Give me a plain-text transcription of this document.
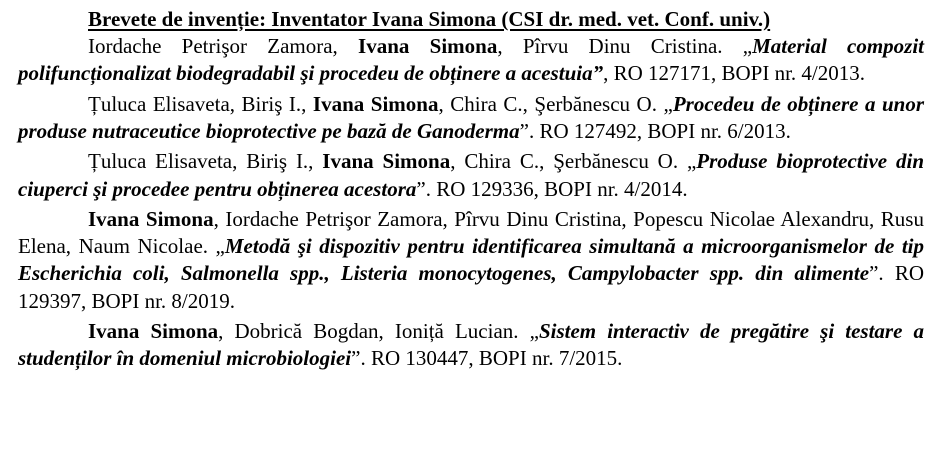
Brevete de invenție: Inventator Ivana Simona (CSI dr. med. vet. Conf. univ.)

Iordache Petrişor Zamora, Ivana Simona, Pîrvu Dinu Cristina. „Material compozit polifuncționalizat biodegradabil şi procedeu de obținere a acestuia”, RO 127171, BOPI nr. 4/2013.

Țuluca Elisaveta, Biriş I., Ivana Simona, Chira C., Şerbănescu O. „Procedeu de obținere a unor produse nutraceutice bioprotective pe bază de Ganoderma”. RO 127492, BOPI nr. 6/2013.

Țuluca Elisaveta, Biriş I., Ivana Simona, Chira C., Şerbănescu O. „Produse bioprotective din ciuperci şi procedee pentru obținerea acestora”. RO 129336, BOPI nr. 4/2014.

Ivana Simona, Iordache Petrişor Zamora, Pîrvu Dinu Cristina, Popescu Nicolae Alexandru, Rusu Elena, Naum Nicolae. „Metodă şi dispozitiv pentru identificarea simultană a microorganismelor de tip Escherichia coli, Salmonella spp., Listeria monocytogenes, Campylobacter spp. din alimente”. RO 129397, BOPI nr. 8/2019.

Ivana Simona, Dobrică Bogdan, Ioniță Lucian. „Sistem interactiv de pregătire şi testare a studenților în domeniul microbiologiei”. RO 130447, BOPI nr. 7/2015.
